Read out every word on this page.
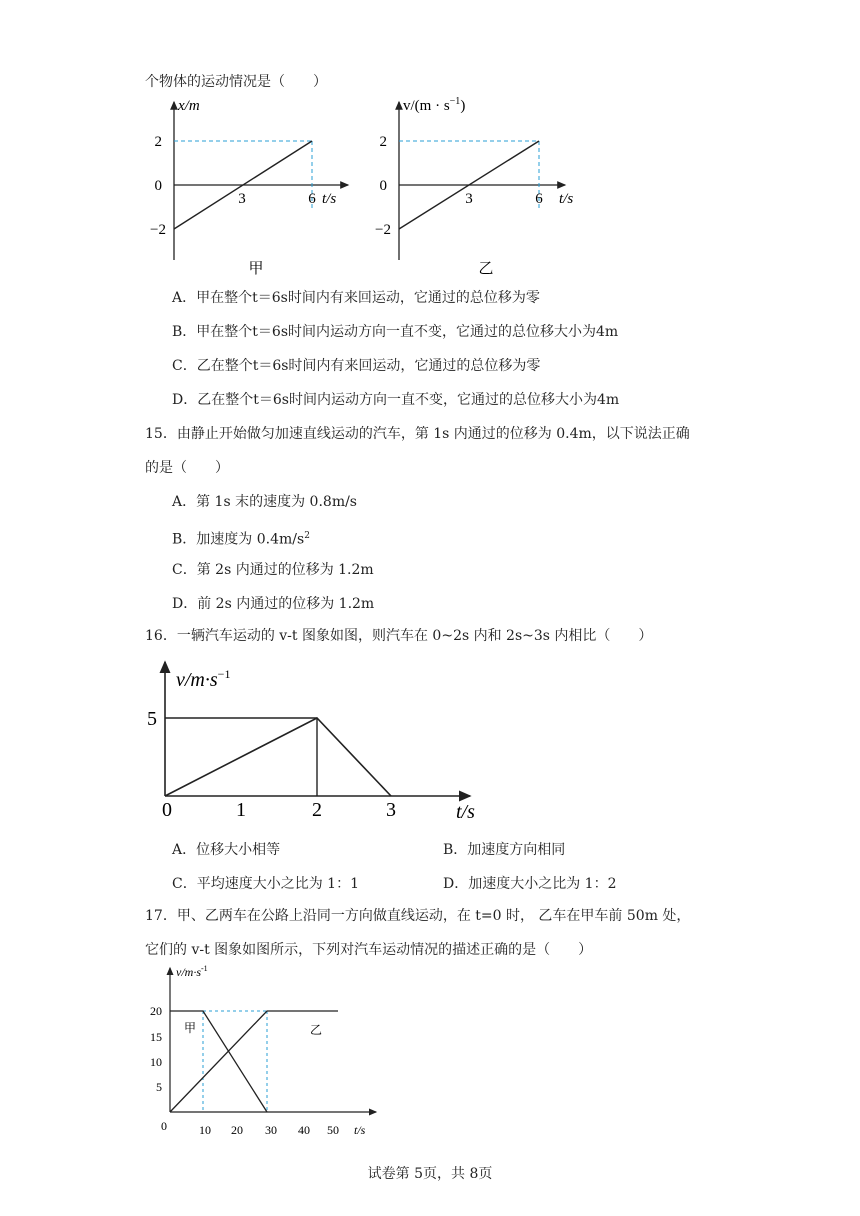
个物体的运动情况是（　　）
x/m
2
0
−2
3	6 t/s
甲
$v/(m \cdot s^{-1})$
2
0
−2
3	6 t/s
乙
A．甲在整个t＝6s时间内有来回运动，它通过的总位移为零
B．甲在整个t＝6s时间内运动方向一直不变，它通过的总位移大小为4m
C．乙在整个t＝6s时间内有来回运动，它通过的总位移为零
D．乙在整个t＝6s时间内运动方向一直不变，它通过的总位移大小为4m
15．由静止开始做匀加速直线运动的汽车，第 1s 内通过的位移为 0.4m，以下说法正确
的是（　　）
A．第 1s 末的速度为 0.8m/s
B．加速度为 $0.4m/s^2$
C．第 2s 内通过的位移为 1.2m
D．前 2s 内通过的位移为 1.2m
16．一辆汽车运动的 v-t 图象如图，则汽车在 0~2s 内和 2s~3s 内相比（　　）
$v/m\cdot s^{-1}$
5
0	1	2	3	t/s
A．位移大小相等	B．加速度方向相同
C．平均速度大小之比为 1：1	D．加速度大小之比为 1：2
17．甲、乙两车在公路上沿同一方向做直线运动，在 t=0 时， 乙车在甲车前 50m 处，
它们的 v-t 图象如图所示，下列对汽车运动情况的描述正确的是（　　）
$v/m\cdot s^{-1}$
20
15
10
5
0	10 20 30 40 50 t/s
甲	乙
试卷第 5页，共 8页
